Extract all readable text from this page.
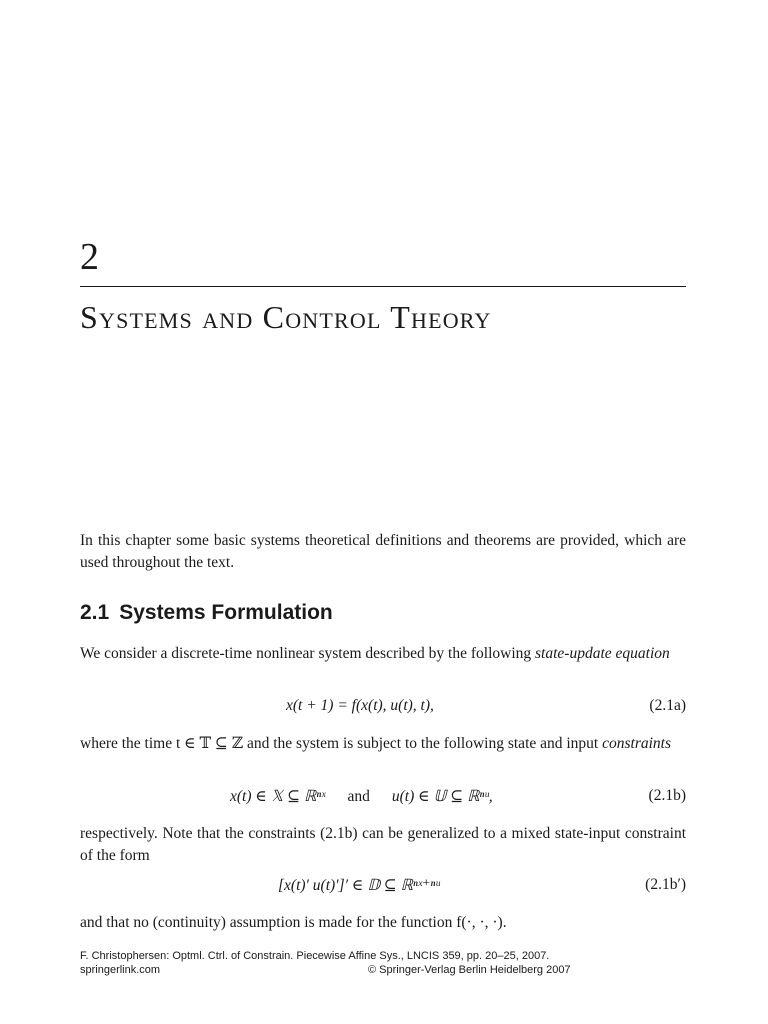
2
Systems and Control Theory
In this chapter some basic systems theoretical definitions and theorems are provided, which are used throughout the text.
2.1 Systems Formulation
We consider a discrete-time nonlinear system described by the following state-update equation
x(t + 1) = f(x(t), u(t), t),	(2.1a)
where the time t ∈ 𝕋 ⊆ ℤ and the system is subject to the following state and input constraints
x(t) ∈ 𝕏 ⊆ ℝⁿˣ and u(t) ∈ 𝕌 ⊆ ℝⁿᵘ,	(2.1b)
respectively. Note that the constraints (2.1b) can be generalized to a mixed state-input constraint of the form
[x(t)′ u(t)′]′ ∈ 𝔻 ⊆ ℝⁿˣ⁺ⁿᵘ	(2.1b′)
and that no (continuity) assumption is made for the function f(·, ·, ·).
F. Christophersen: Optml. Ctrl. of Constrain. Piecewise Affine Sys., LNCIS 359, pp. 20–25, 2007.
springerlink.com	© Springer-Verlag Berlin Heidelberg 2007
